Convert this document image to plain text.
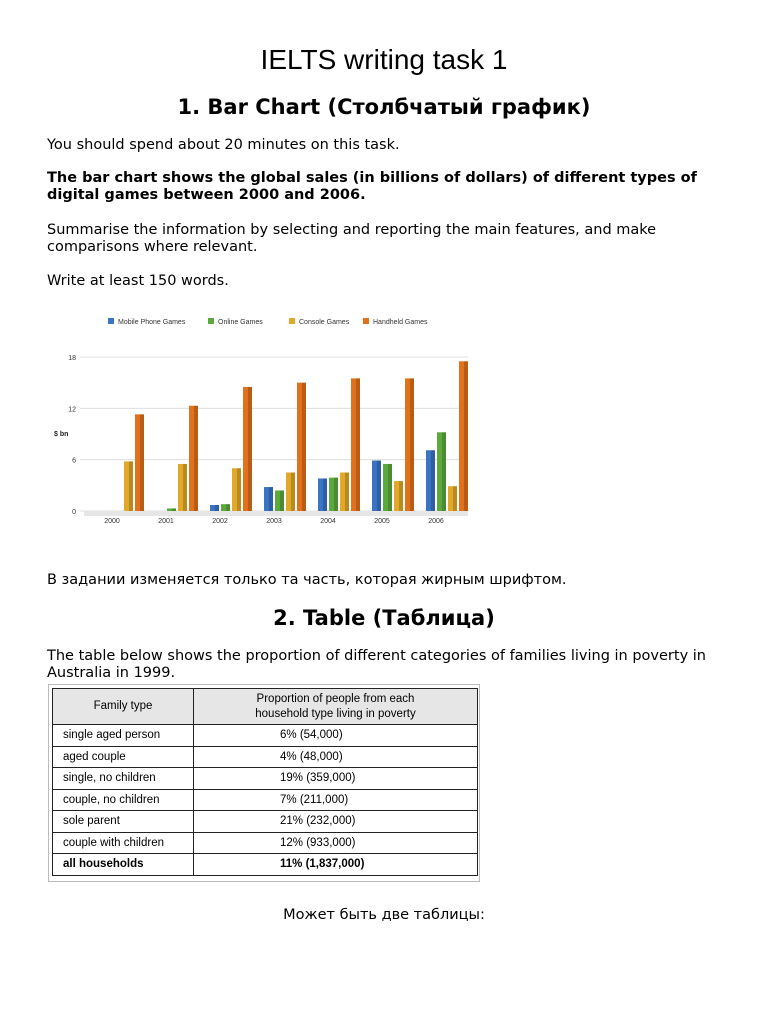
IELTS writing task 1
1. Bar Chart (Столбчатый график)
You should spend about 20 minutes on this task.
The bar chart shows the global sales (in billions of dollars) of different types of digital games between 2000 and 2006.
Summarise the information by selecting and reporting the main features, and make comparisons where relevant.
Write at least 150 words.
Mobile Phone Games	Online Games	Console Games	Handheld Games
0
6
12
18
$ bn
2000	2001	2002	2003	2004	2005	2006
В задании изменяется только та часть, которая жирным шрифтом.
2. Table (Таблица)
The table below shows the proportion of different categories of families living in poverty in Australia in 1999.
Family type	Proportion of people from each household type living in poverty
single aged person	6% (54,000)
aged couple	4% (48,000)
single, no children	19% (359,000)
couple, no children	7% (211,000)
sole parent	21% (232,000)
couple with children	12% (933,000)
all households	11% (1,837,000)
Может быть две таблицы:
